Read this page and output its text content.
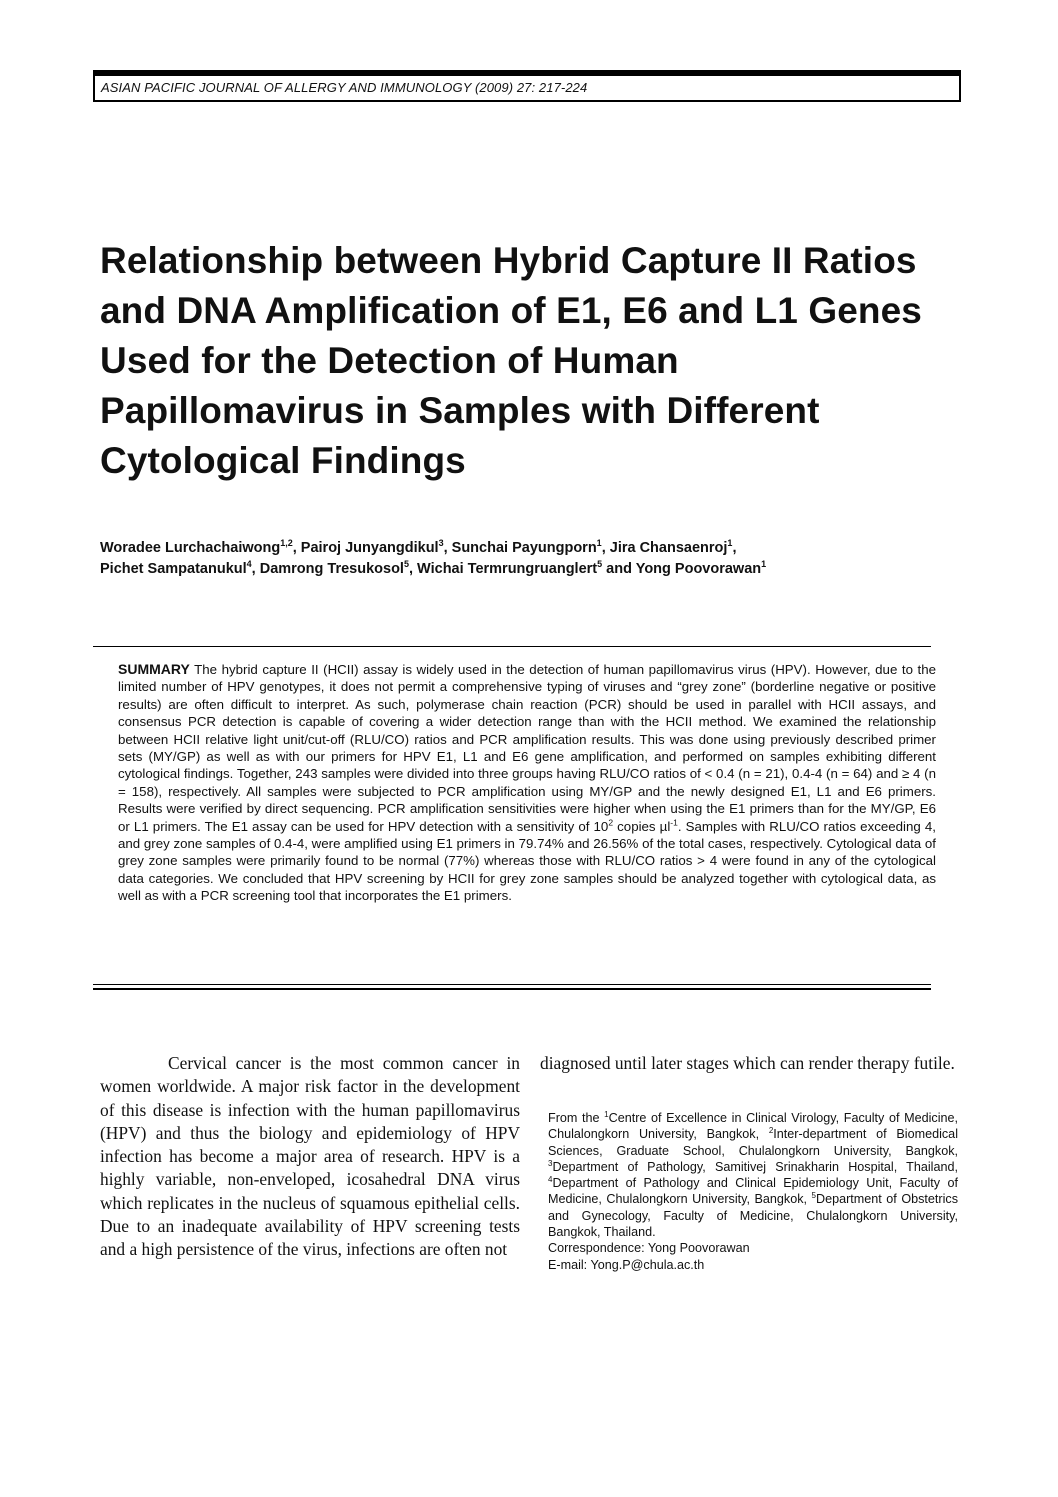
ASIAN PACIFIC JOURNAL OF ALLERGY AND IMMUNOLOGY (2009) 27: 217-224
Relationship between Hybrid Capture II Ratios and DNA Amplification of E1, E6 and L1 Genes Used for the Detection of Human Papillomavirus in Samples with Different Cytological Findings
Woradee Lurchachaiwong$^{1,2}$, Pairoj Junyangdikul$^3$, Sunchai Payungporn$^1$, Jira Chansaenroj$^1$,
Pichet Sampatanukul$^4$, Damrong Tresukosol$^5$, Wichai Termrungruanglert$^5$ and Yong Poovorawan$^1$
SUMMARY The hybrid capture II (HCII) assay is widely used in the detection of human papillomavirus virus (HPV). However, due to the limited number of HPV genotypes, it does not permit a comprehensive typing of viruses and “grey zone” (borderline negative or positive results) are often difficult to interpret. As such, polymerase chain reaction (PCR) should be used in parallel with HCII assays, and consensus PCR detection is capable of covering a wider detection range than with the HCII method. We examined the relationship between HCII relative light unit/cut-off (RLU/CO) ratios and PCR amplification results. This was done using previously described primer sets (MY/GP) as well as with our primers for HPV E1, L1 and E6 gene amplification, and performed on samples exhibiting different cytological findings. Together, 243 samples were divided into three groups having RLU/CO ratios of < 0.4 (n = 21), 0.4-4 (n = 64) and ≥ 4 (n = 158), respectively. All samples were subjected to PCR amplification using MY/GP and the newly designed E1, L1 and E6 primers. Results were verified by direct sequencing. PCR amplification sensitivities were higher when using the E1 primers than for the MY/GP, E6 or L1 primers. The E1 assay can be used for HPV detection with a sensitivity of $10^2$ copies µl$^{-1}$. Samples with RLU/CO ratios exceeding 4, and grey zone samples of 0.4-4, were amplified using E1 primers in 79.74% and 26.56% of the total cases, respectively. Cytological data of grey zone samples were primarily found to be normal (77%) whereas those with RLU/CO ratios > 4 were found in any of the cytological data categories. We concluded that HPV screening by HCII for grey zone samples should be analyzed together with cytological data, as well as with a PCR screening tool that incorporates the E1 primers.

Cervical cancer is the most common cancer in women worldwide. A major risk factor in the development of this disease is infection with the human papillomavirus (HPV) and thus the biology and epidemiology of HPV infection has become a major area of research. HPV is a highly variable, non-enveloped, icosahedral DNA virus which replicates in the nucleus of squamous epithelial cells. Due to an inadequate availability of HPV screening tests and a high persistence of the virus, infections are often not

diagnosed until later stages which can render therapy futile.

From the $^1$Centre of Excellence in Clinical Virology, Faculty of Medicine, Chulalongkorn University, Bangkok, $^2$Inter-department of Biomedical Sciences, Graduate School, Chulalongkorn University, Bangkok, $^3$Department of Pathology, Samitivej Srinakharin Hospital, Thailand, $^4$Department of Pathology and Clinical Epidemiology Unit, Faculty of Medicine, Chulalongkorn University, Bangkok, $^5$Department of Obstetrics and Gynecology, Faculty of Medicine, Chulalongkorn University, Bangkok, Thailand.
Correspondence: Yong Poovorawan
E-mail: Yong.P@chula.ac.th
